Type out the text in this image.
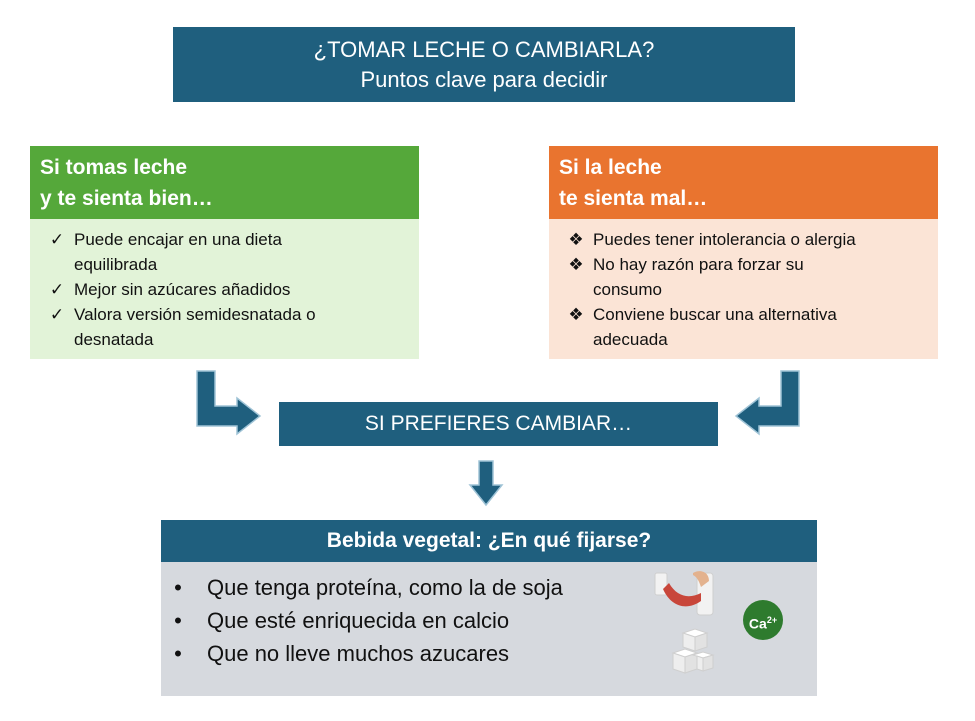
¿TOMAR LECHE O CAMBIARLA?
Puntos clave para decidir
Si tomas leche
y te sienta bien…
✓ Puede encajar en una dieta
equilibrada
✓ Mejor sin azúcares añadidos
✓ Valora versión semidesnatada o
desnatada
Si la leche
te sienta mal…
❖ Puedes tener intolerancia o alergia
❖ No hay razón para forzar su
consumo
❖ Conviene buscar una alternativa
adecuada
SI PREFIERES CAMBIAR…
Bebida vegetal: ¿En qué fijarse?
• Que tenga proteína, como la de soja
• Que esté enriquecida en calcio
• Que no lleve muchos azucares
$Ca^{2+}$
